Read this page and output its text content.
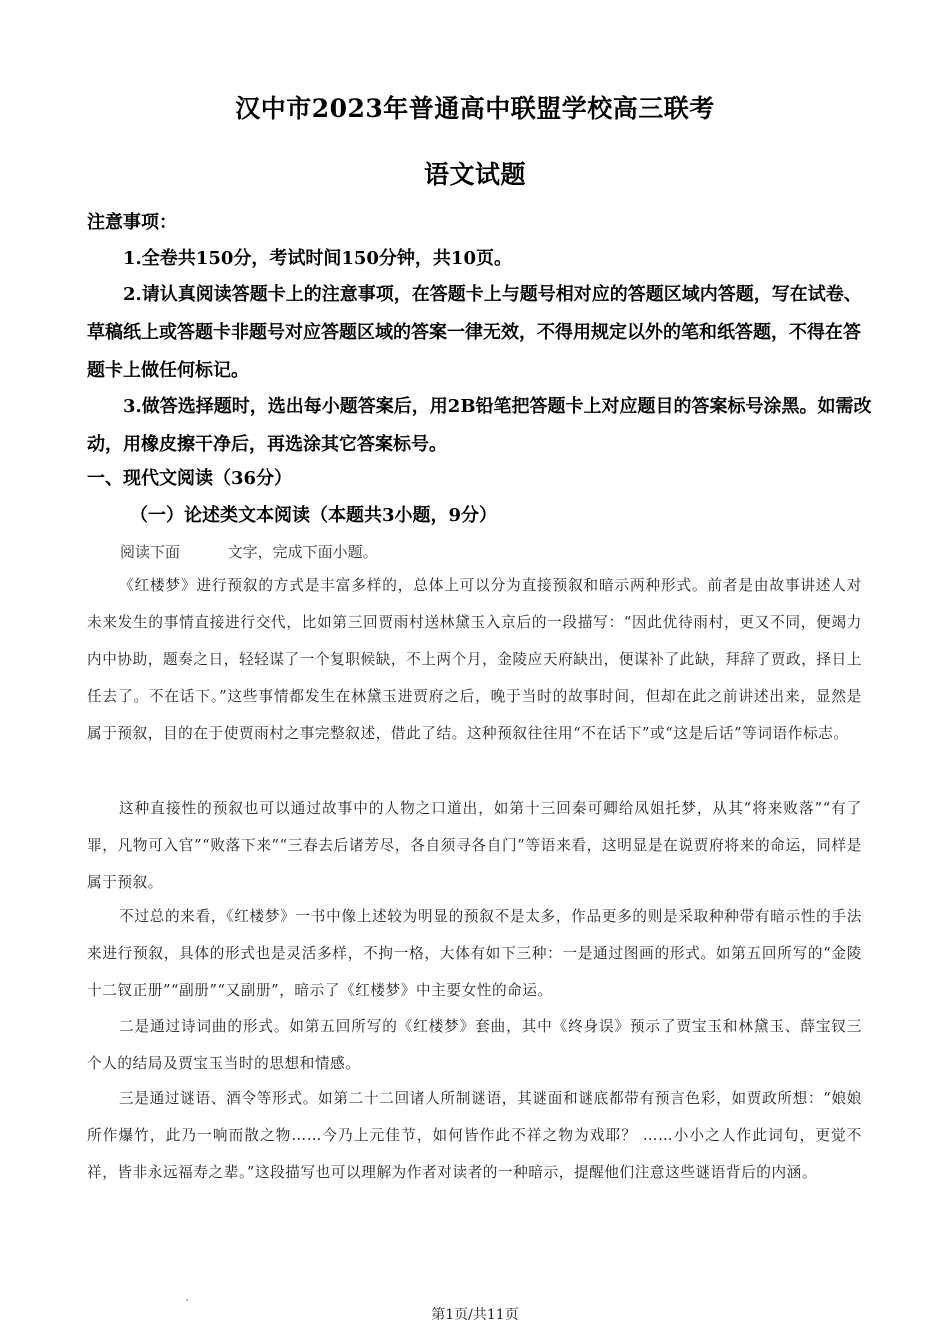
汉中市2023年普通高中联盟学校高三联考
语文试题
注意事项：
1.全卷共150分，考试时间150分钟，共10页。
2.请认真阅读答题卡上的注意事项，在答题卡上与题号相对应的答题区域内答题，写在试卷、草稿纸上或答题卡非题号对应答题区域的答案一律无效，不得用规定以外的笔和纸答题，不得在答题卡上做任何标记。
3.做答选择题时，选出每小题答案后，用2B铅笔把答题卡上对应题目的答案标号涂黑。如需改动，用橡皮擦干净后，再选涂其它答案标号。
一、现代文阅读（36分）
（一）论述类文本阅读（本题共3小题，9分）
阅读下面          文字，完成下面小题。
《红楼梦》进行预叙的方式是丰富多样的，总体上可以分为直接预叙和暗示两种形式。前者是由故事讲述人对未来发生的事情直接进行交代，比如第三回贾雨村送林黛玉入京后的一段描写：“因此优待雨村，更又不同，便竭力内中协助，题奏之日，轻轻谋了一个复职候缺，不上两个月，金陵应天府缺出，便谋补了此缺，拜辞了贾政，择日上任去了。不在话下。”这些事情都发生在林黛玉进贾府之后，晚于当时的故事时间，但却在此之前讲述出来，显然是属于预叙，目的在于使贾雨村之事完整叙述，借此了结。这种预叙往往用“不在话下”或“这是后话”等词语作标志。
这种直接性的预叙也可以通过故事中的人物之口道出，如第十三回秦可卿给凤姐托梦，从其“将来败落”“有了罪，凡物可入官”“败落下来”“三春去后诸芳尽，各自须寻各自门”等语来看，这明显是在说贾府将来的命运，同样是属于预叙。
不过总的来看，《红楼梦》一书中像上述较为明显的预叙不是太多，作品更多的则是采取种种带有暗示性的手法来进行预叙，具体的形式也是灵活多样，不拘一格，大体有如下三种：一是通过图画的形式。如第五回所写的“金陵十二钗正册”“副册”“又副册”，暗示了《红楼梦》中主要女性的命运。
二是通过诗词曲的形式。如第五回所写的《红楼梦》套曲，其中《终身误》预示了贾宝玉和林黛玉、薛宝钗三个人的结局及贾宝玉当时的思想和情感。
三是通过谜语、酒令等形式。如第二十二回诸人所制谜语，其谜面和谜底都带有预言色彩，如贾政所想：“娘娘所作爆竹，此乃一响而散之物……今乃上元佳节，如何皆作此不祥之物为戏耶？ ……小小之人作此词句，更觉不祥，皆非永远福寿之辈。”这段描写也可以理解为作者对读者的一种暗示，提醒他们注意这些谜语背后的内涵。
第1页/共11页
